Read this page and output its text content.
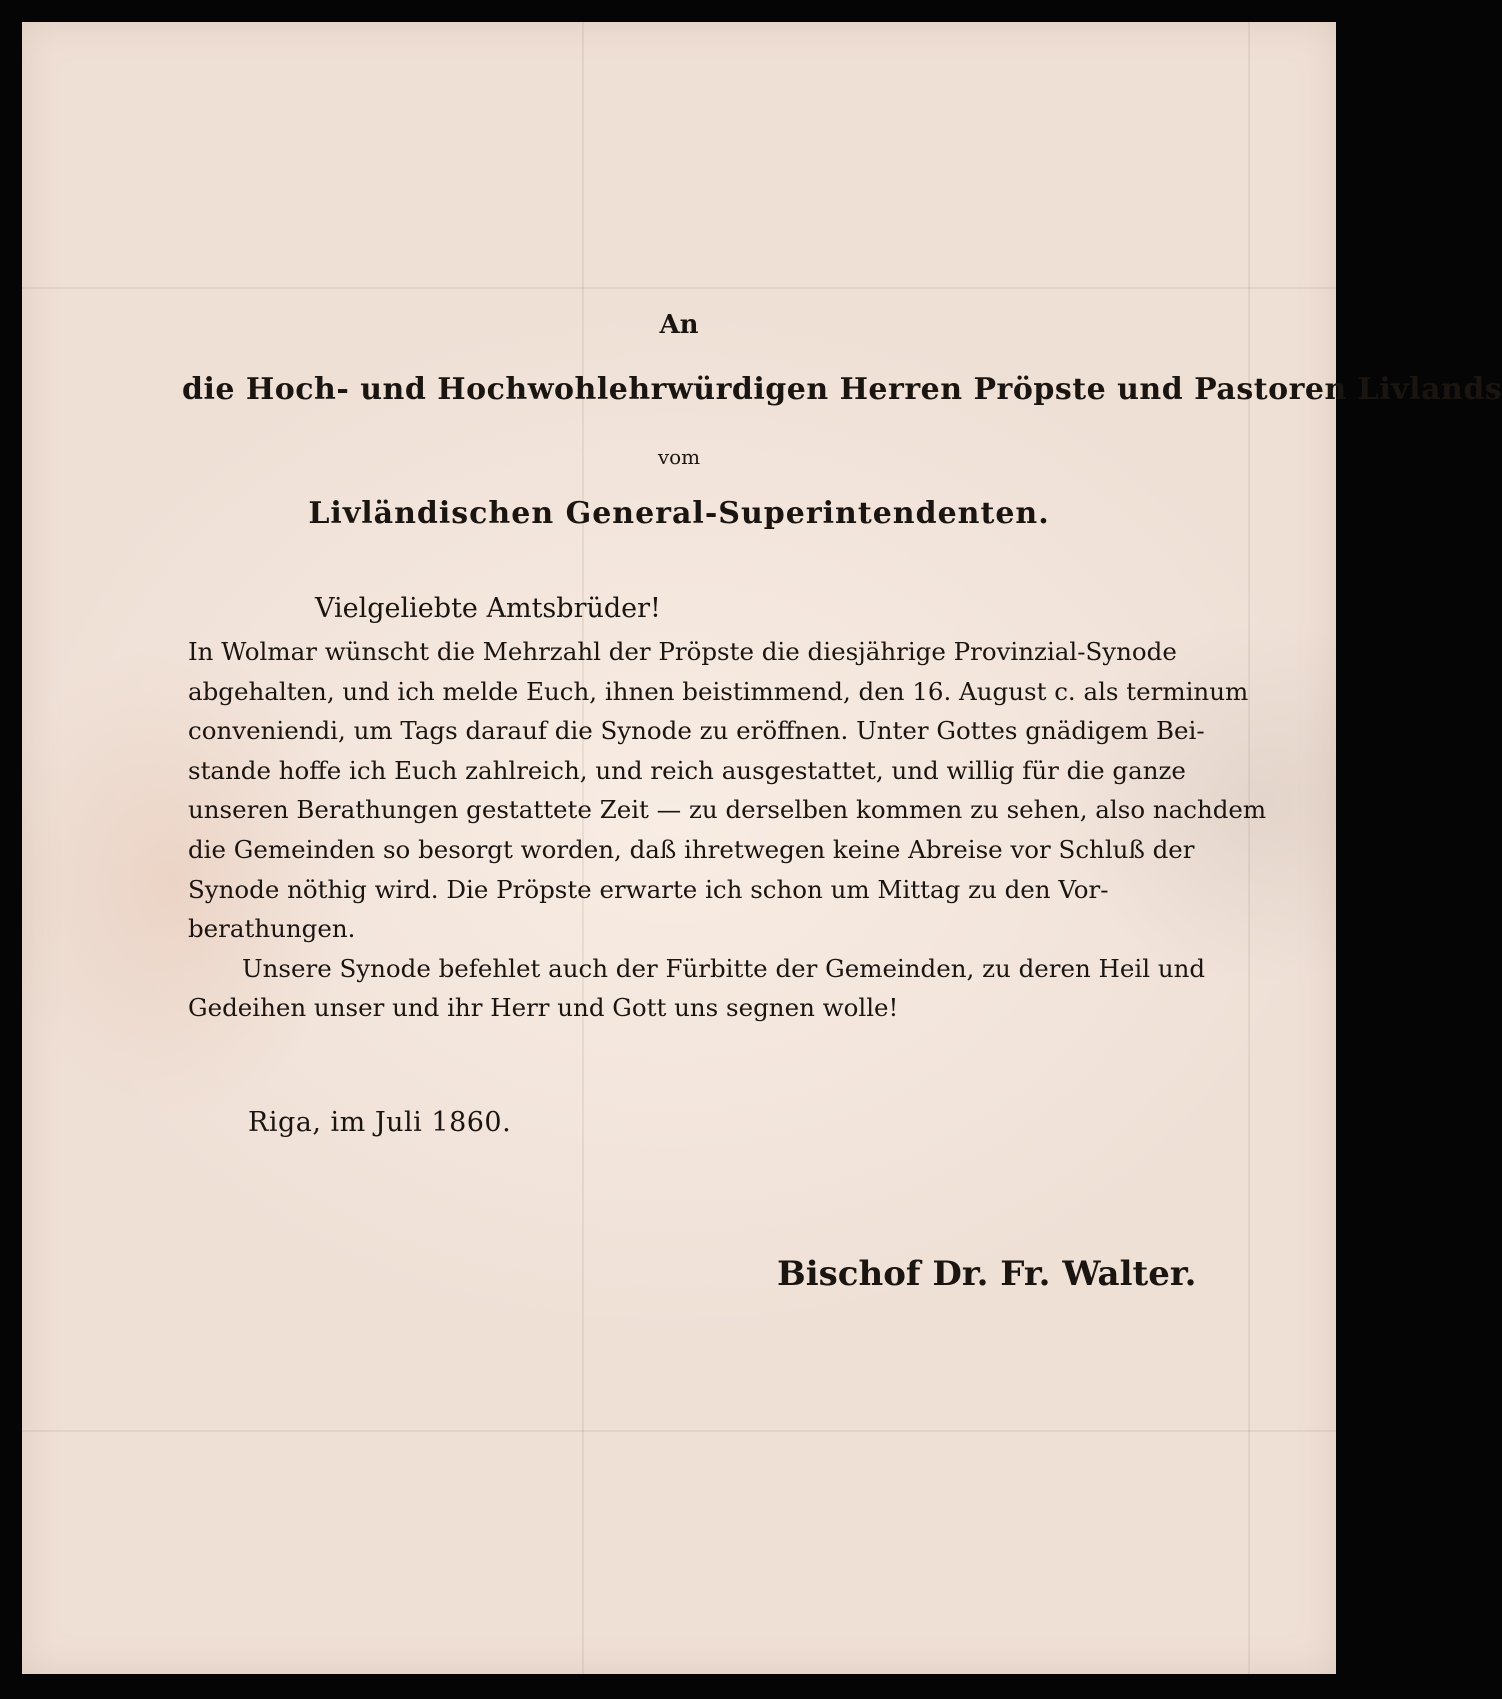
An
die Hoch- und Hochwohlehrwürdigen Herren Pröpste und Pastoren Livlands
vom
Livländischen General-Superintendenten.
Vielgeliebte Amtsbrüder!
In Wolmar wünscht die Mehrzahl der Pröpste die diesjährige Provinzial-Synode
abgehalten, und ich melde Euch, ihnen beistimmend, den 16. August c. als terminum
conveniendi, um Tags darauf die Synode zu eröffnen. Unter Gottes gnädigem Bei-
stande hoffe ich Euch zahlreich, und reich ausgestattet, und willig für die ganze
unseren Berathungen gestattete Zeit — zu derselben kommen zu sehen, also nachdem
die Gemeinden so besorgt worden, daß ihretwegen keine Abreise vor Schluß der
Synode nöthig wird. Die Pröpste erwarte ich schon um Mittag zu den Vor-
berathungen.
Unsere Synode befehlet auch der Fürbitte der Gemeinden, zu deren Heil und
Gedeihen unser und ihr Herr und Gott uns segnen wolle!
Riga, im Juli 1860.
Bischof Dr. Fr. Walter.
